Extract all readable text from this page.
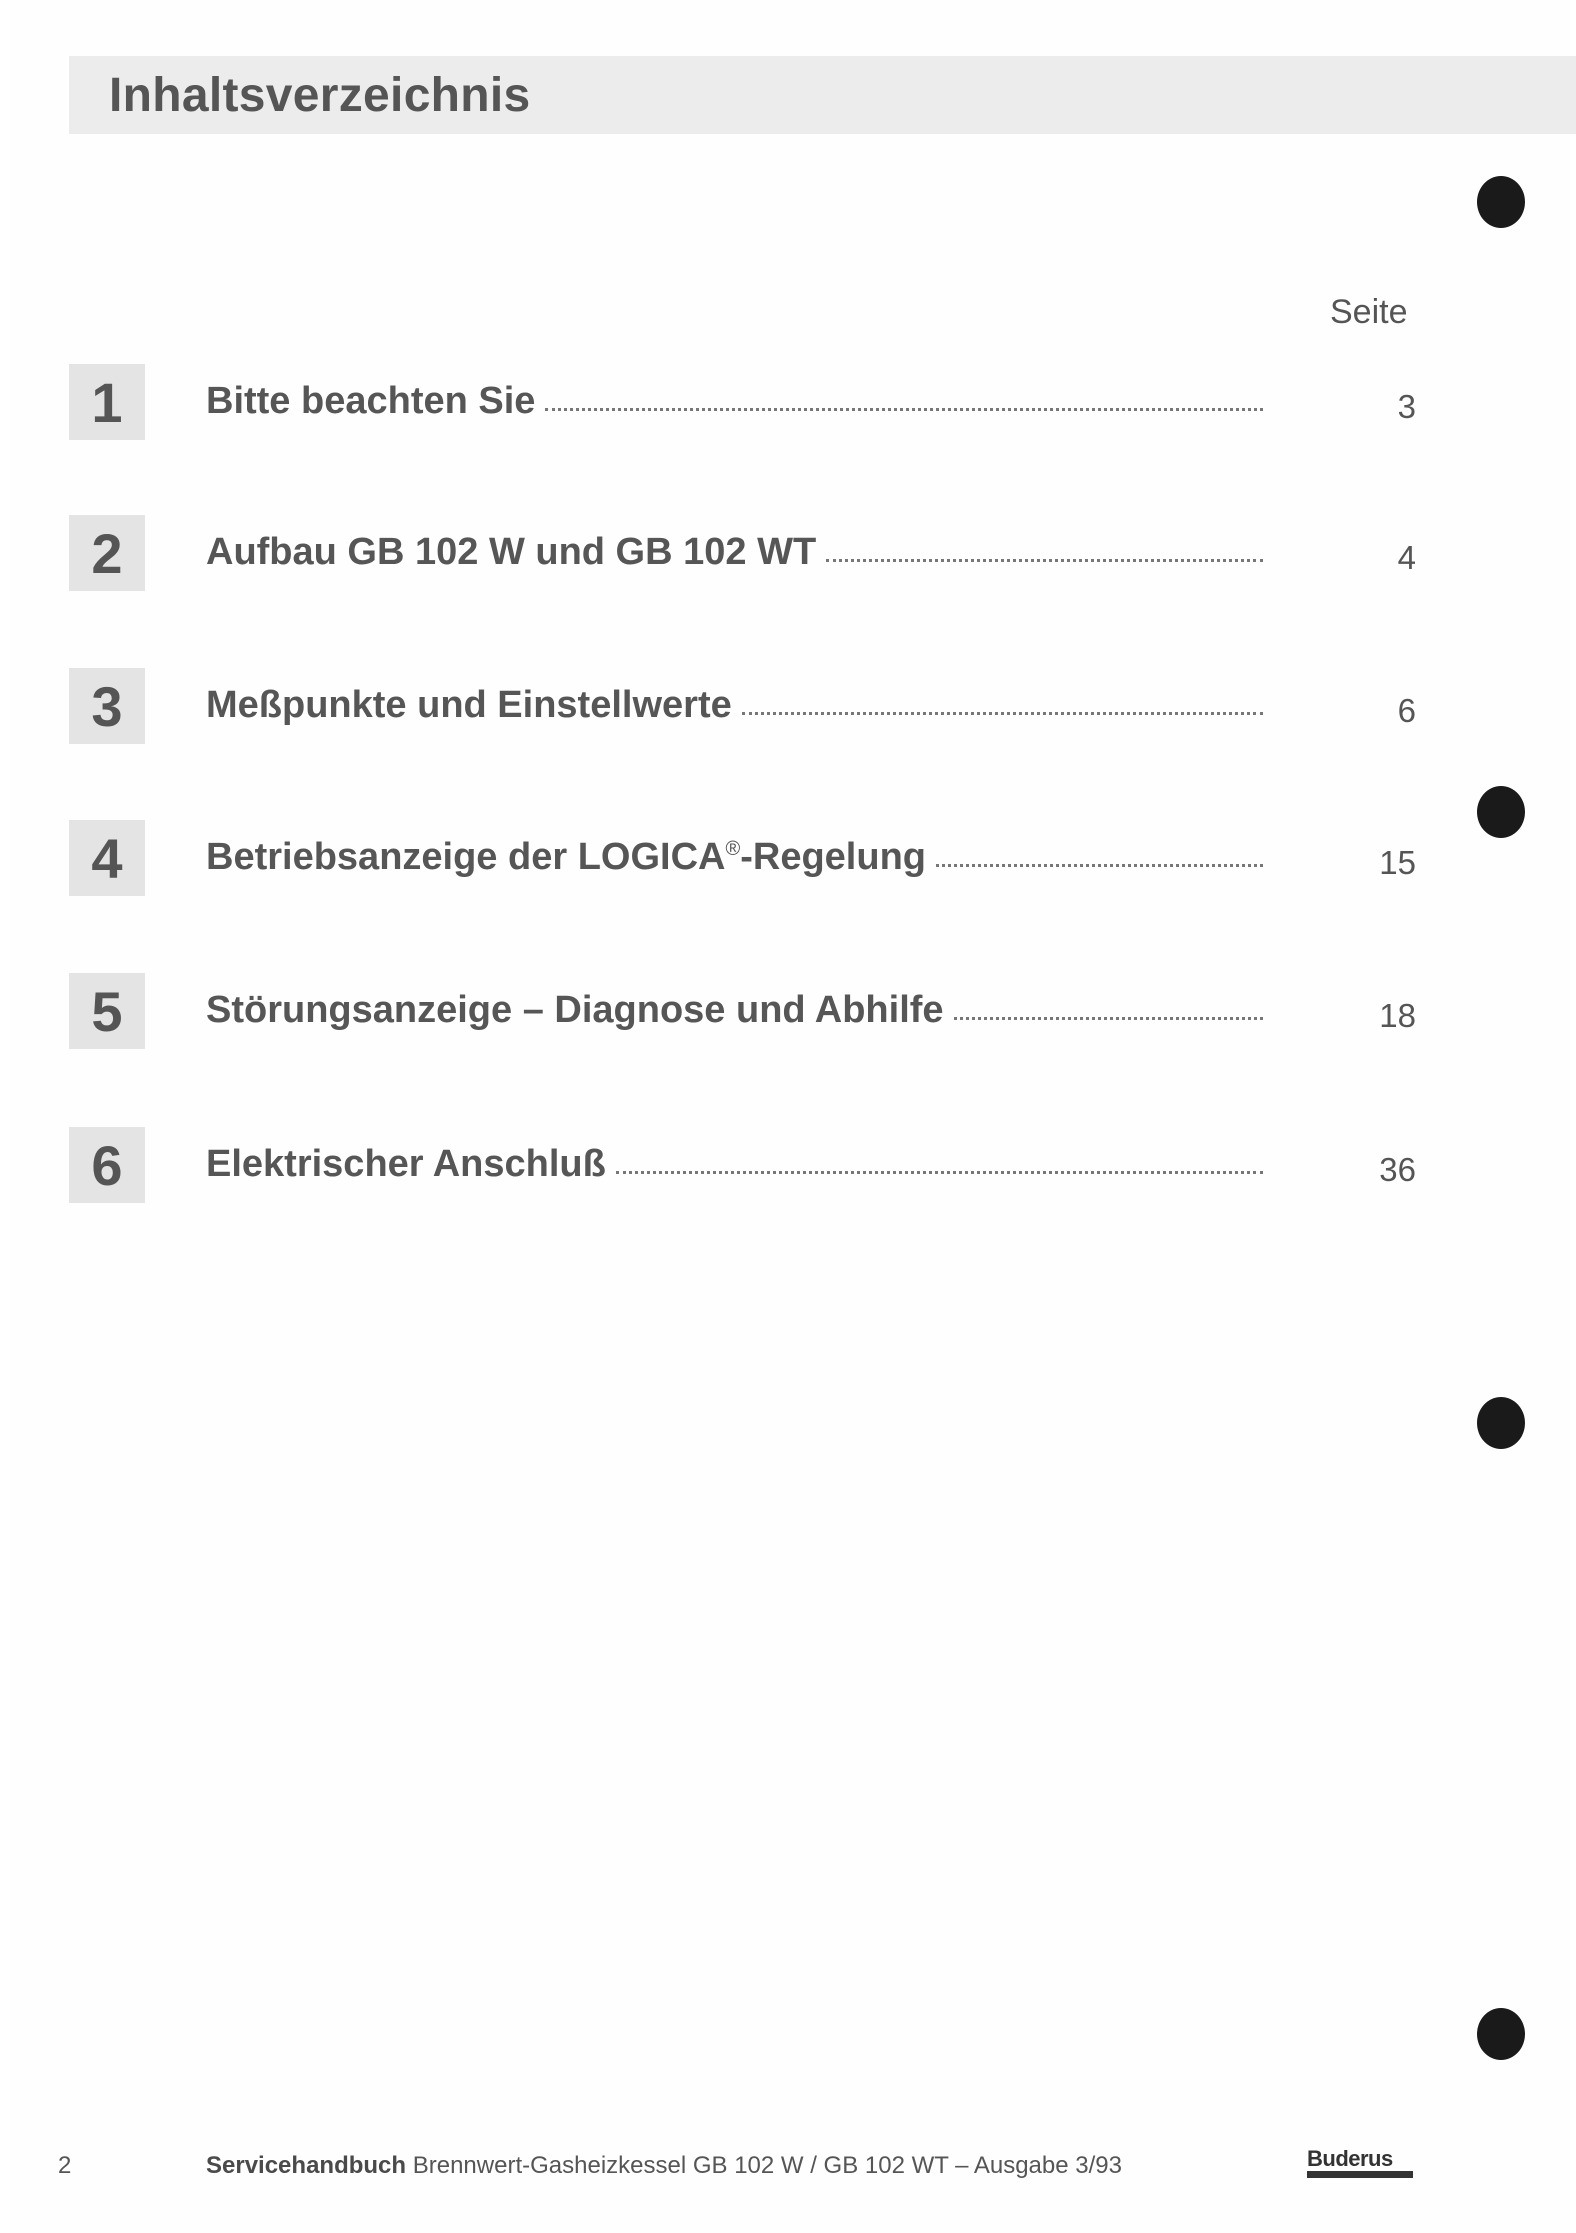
Inhaltsverzeichnis
Seite
1	Bitte beachten Sie	3
2	Aufbau GB 102 W und GB 102 WT	4
3	Meßpunkte und Einstellwerte	6
4	Betriebsanzeige der LOGICA®-Regelung	15
5	Störungsanzeige – Diagnose und Abhilfe	18
6	Elektrischer Anschluß	36
2	Servicehandbuch Brennwert-Gasheizkessel GB 102 W / GB 102 WT – Ausgabe 3/93	Buderus
